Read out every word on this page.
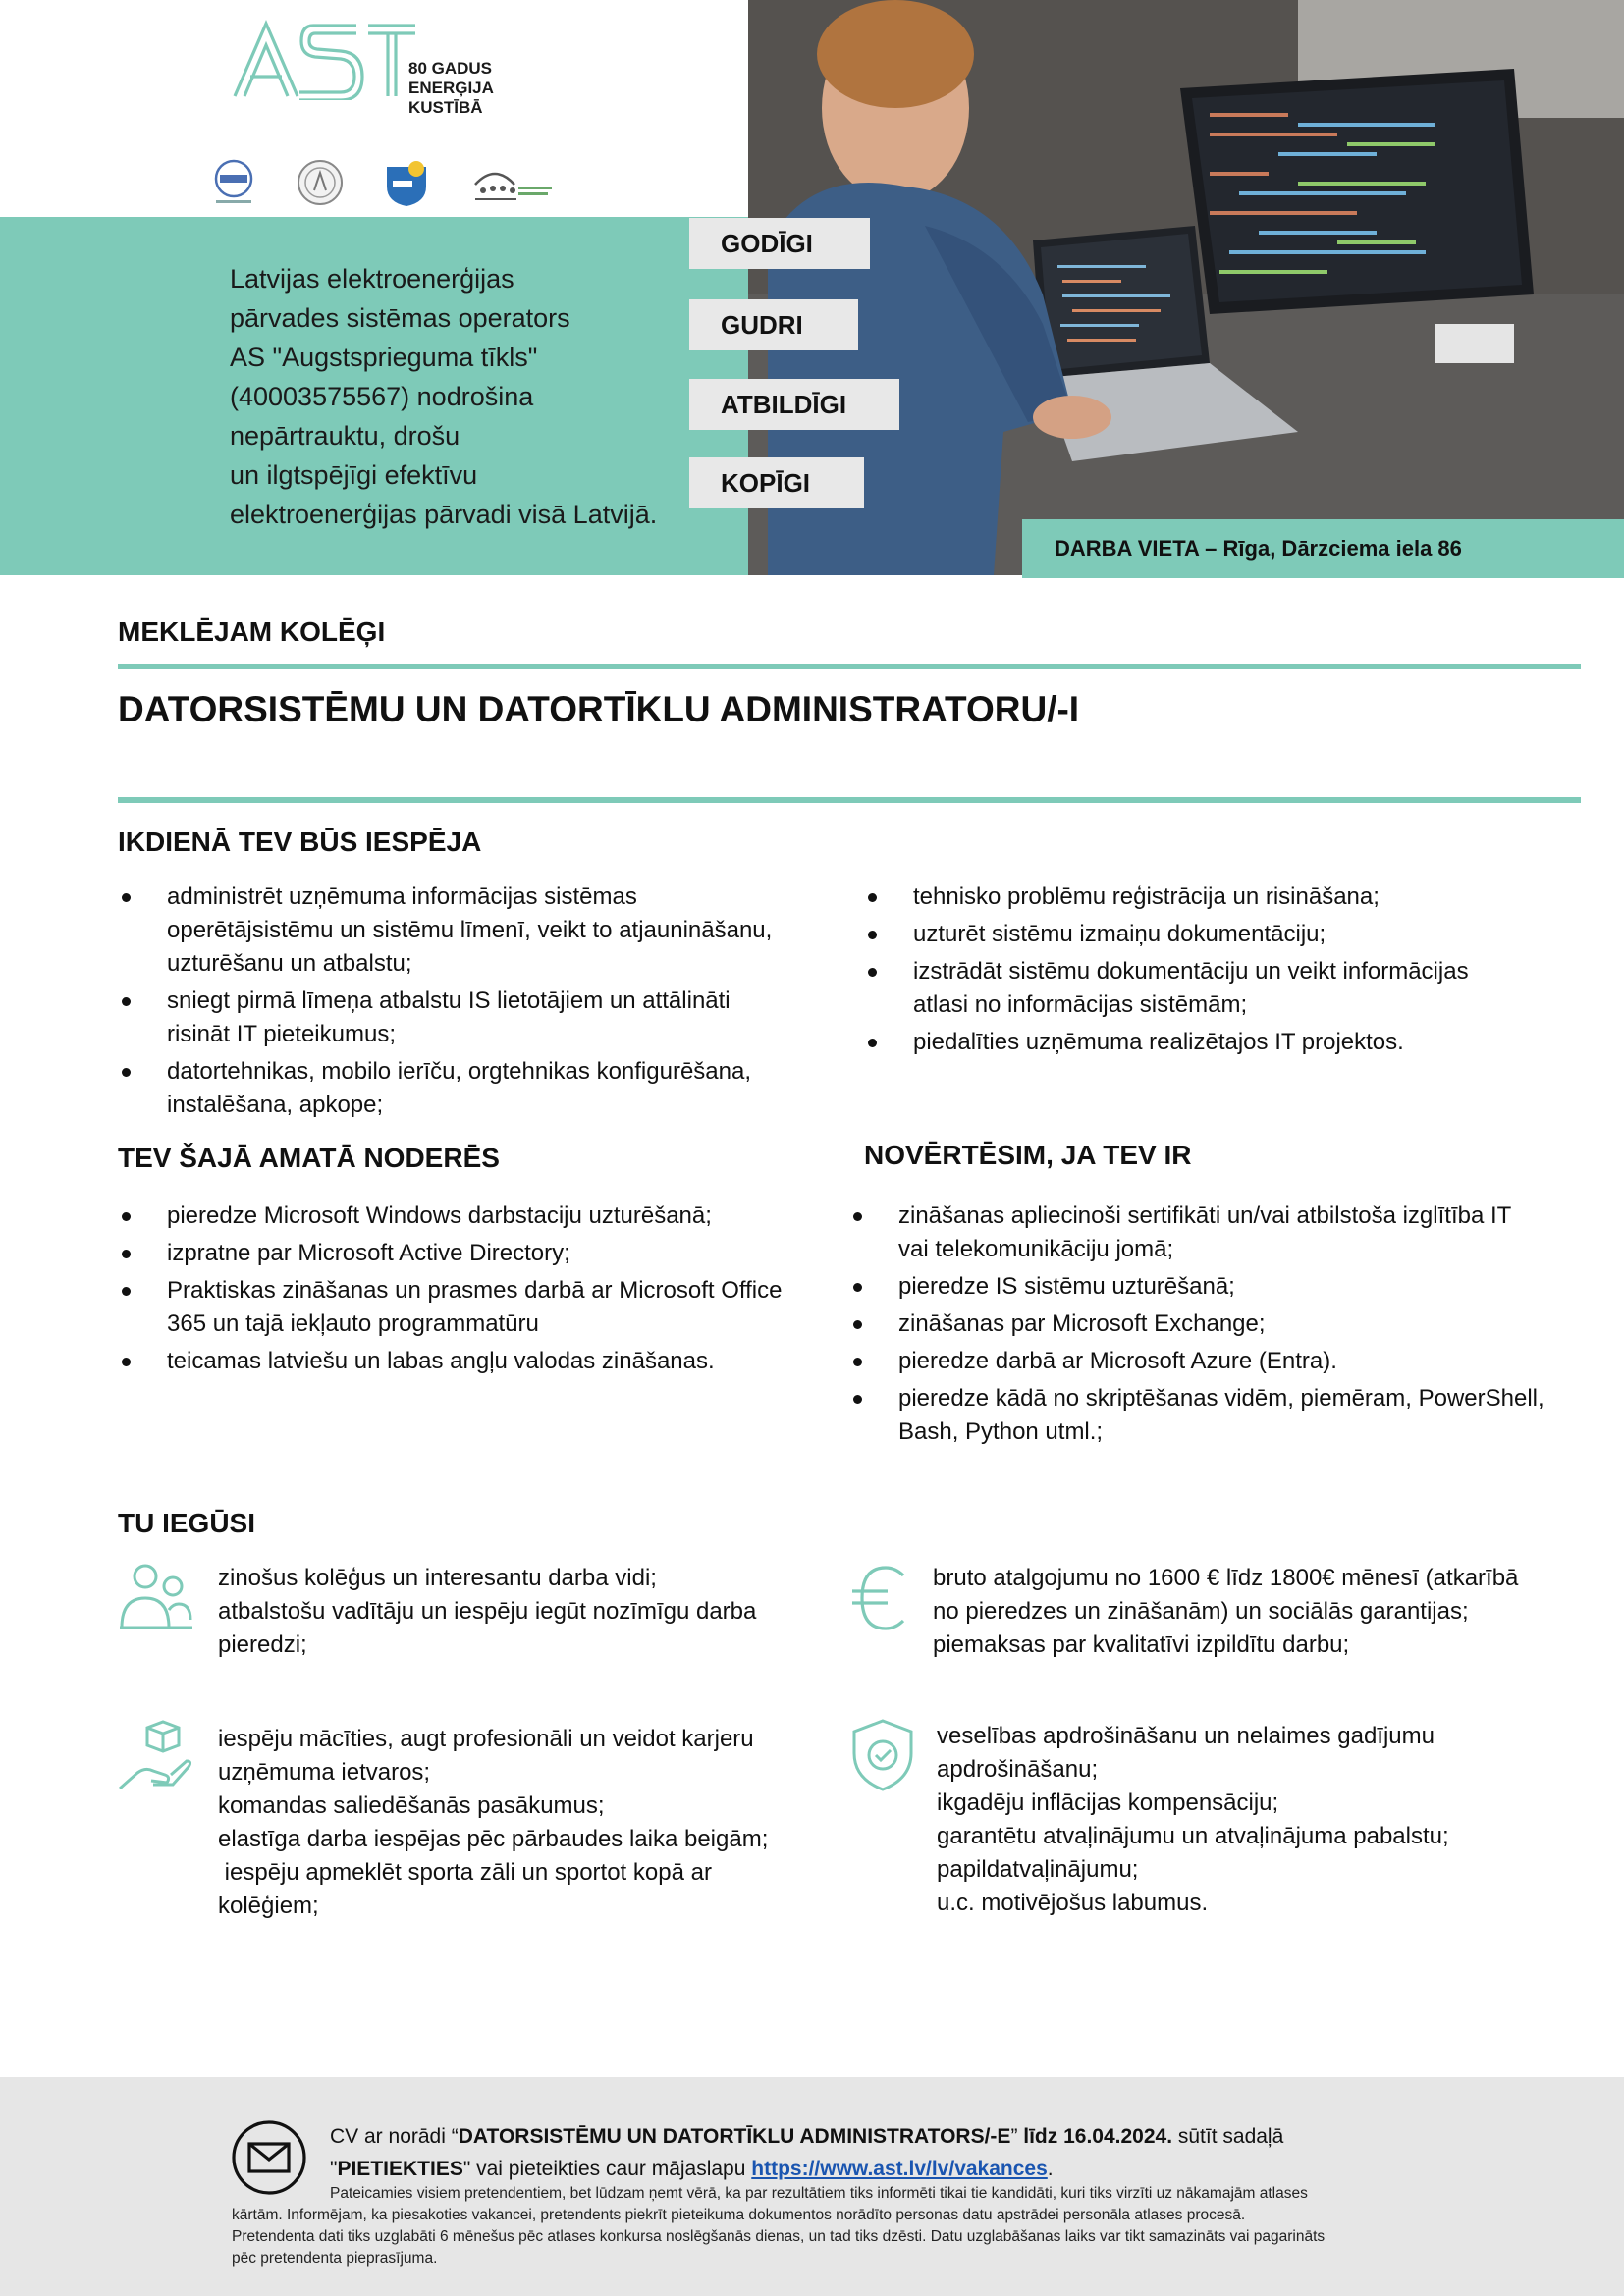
80 GADUS
ENERĢIJA
KUSTĪBĀ
Latvijas elektroenerģijas
pārvades sistēmas operators
AS "Augstsprieguma tīkls"
(40003575567) nodrošina
nepārtrauktu, drošu
un ilgtspējīgi efektīvu
elektroenerģijas pārvadi visā Latvijā.
GODĪGI
GUDRI
ATBILDĪGI
KOPĪGI
DARBA VIETA – Rīga, Dārzciema iela 86
MEKLĒJAM KOLĒĢI
DATORSISTĒMU UN DATORTĪKLU ADMINISTRATORU/-I
IKDIENĀ TEV BŪS IESPĒJA
administrēt uzņēmuma informācijas sistēmas
operētājsistēmu un sistēmu līmenī, veikt to atjaunināšanu,
uzturēšanu un atbalstu;
sniegt pirmā līmeņa atbalstu IS lietotājiem un attālināti
risināt IT pieteikumus;
datortehnikas, mobilo ierīču, orgtehnikas konfigurēšana,
instalēšana, apkope;
tehnisko problēmu reģistrācija un risināšana;
uzturēt sistēmu izmaiņu dokumentāciju;
izstrādāt sistēmu dokumentāciju un veikt informācijas
atlasi no informācijas sistēmām;
piedalīties uzņēmuma realizētajos IT projektos.
TEV ŠAJĀ AMATĀ NODERĒS
pieredze Microsoft Windows darbstaciju uzturēšanā;
izpratne par Microsoft Active Directory;
Praktiskas zināšanas un prasmes darbā ar Microsoft Office
365 un tajā iekļauto programmatūru
teicamas latviešu un labas angļu valodas zināšanas.
NOVĒRTĒSIM, JA TEV IR
zināšanas apliecinoši sertifikāti un/vai atbilstoša izglītība IT
vai telekomunikāciju jomā;
pieredze IS sistēmu uzturēšanā;
zināšanas par Microsoft Exchange;
pieredze darbā ar Microsoft Azure (Entra).
pieredze kādā no skriptēšanas vidēm, piemēram, PowerShell,
Bash, Python utml.;
TU IEGŪSI
zinošus kolēģus un interesantu darba vidi;
atbalstošu vadītāju un iespēju iegūt nozīmīgu darba
pieredzi;
bruto atalgojumu no 1600 € līdz 1800€ mēnesī (atkarībā
no pieredzes un zināšanām) un sociālās garantijas;
piemaksas par kvalitatīvi izpildītu darbu;
iespēju mācīties, augt profesionāli un veidot karjeru
uzņēmuma ietvaros;
komandas saliedēšanās pasākumus;
elastīga darba iespējas pēc pārbaudes laika beigām;
iespēju apmeklēt sporta zāli un sportot kopā ar
kolēģiem;
veselības apdrošināšanu un nelaimes gadījumu
apdrošināšanu;
ikgadēju inflācijas kompensāciju;
garantētu atvaļinājumu un atvaļinājuma pabalstu;
papildatvaļinājumu;
u.c. motivējošus labumus.
CV ar norādi “DATORSISTĒMU UN DATORTĪKLU ADMINISTRATORS/-E” līdz 16.04.2024. sūtīt sadaļā
"PIETIEKTIES" vai pieteikties caur mājaslapu https://www.ast.lv/lv/vakances.
Pateicamies visiem pretendentiem, bet lūdzam ņemt vērā, ka par rezultātiem tiks informēti tikai tie kandidāti, kuri tiks virzīti uz nākamajām atlases
kārtām. Informējam, ka piesakoties vakancei, pretendents piekrīt pieteikuma dokumentos norādīto personas datu apstrādei personāla atlases procesā.
Pretendenta dati tiks uzglabāti 6 mēnešus pēc atlases konkursa noslēgšanās dienas, un tad tiks dzēsti. Datu uzglabāšanas laiks var tikt samazināts vai pagarināts
pēc pretendenta pieprasījuma.
